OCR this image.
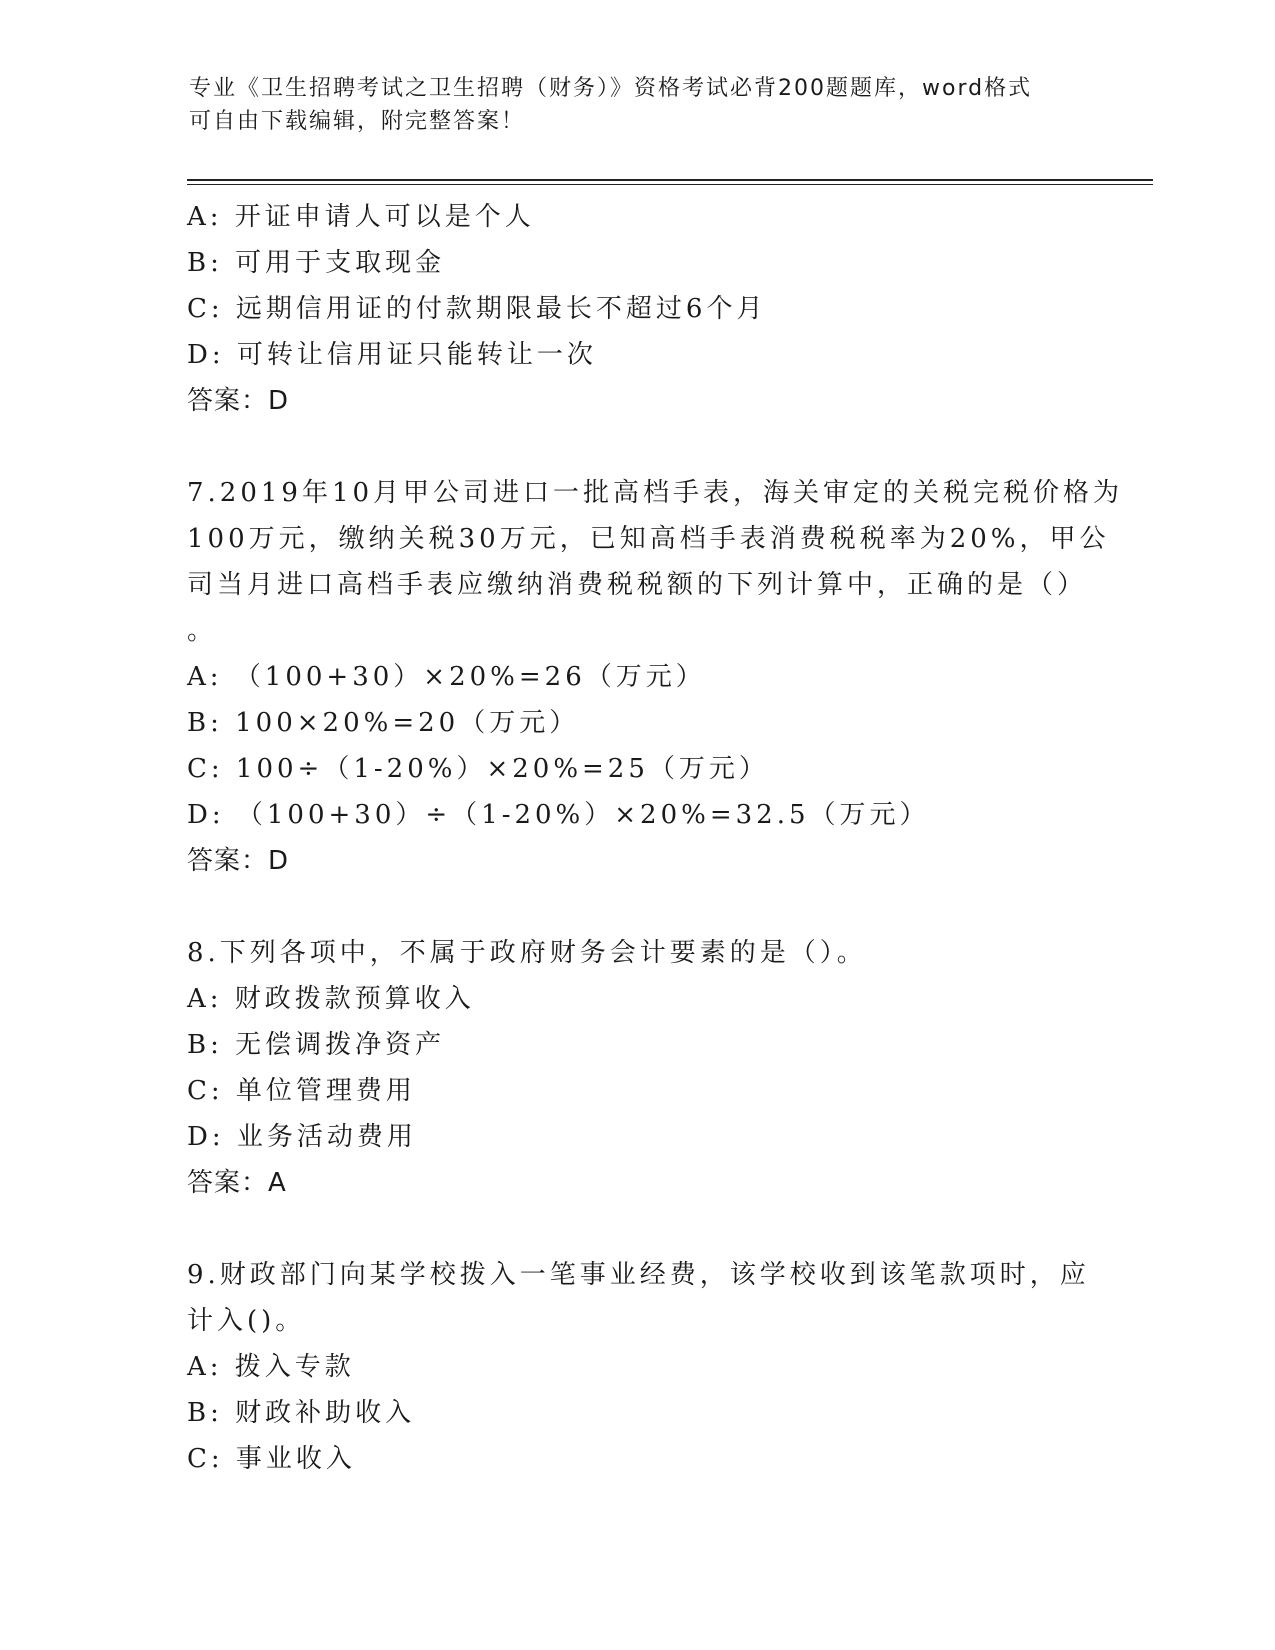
专业《卫生招聘考试之卫生招聘（财务）》资格考试必背200题题库，word格式
可自由下载编辑，附完整答案！
A: 开证申请人可以是个人
B: 可用于支取现金
C: 远期信用证的付款期限最长不超过6个月
D: 可转让信用证只能转让一次
答案：D
7.2019年10月甲公司进口一批高档手表，海关审定的关税完税价格为
100万元，缴纳关税30万元，已知高档手表消费税税率为20%，甲公
司当月进口高档手表应缴纳消费税税额的下列计算中，正确的是（）
。
A: （100+30）×20%=26（万元）
B: 100×20%=20（万元）
C: 100÷（1-20%）×20%=25（万元）
D: （100+30）÷（1-20%）×20%=32.5（万元）
答案：D
8.下列各项中，不属于政府财务会计要素的是（）。
A: 财政拨款预算收入
B: 无偿调拨净资产
C: 单位管理费用
D: 业务活动费用
答案：A
9.财政部门向某学校拨入一笔事业经费，该学校收到该笔款项时，应
计入()。
A: 拨入专款
B: 财政补助收入
C: 事业收入
